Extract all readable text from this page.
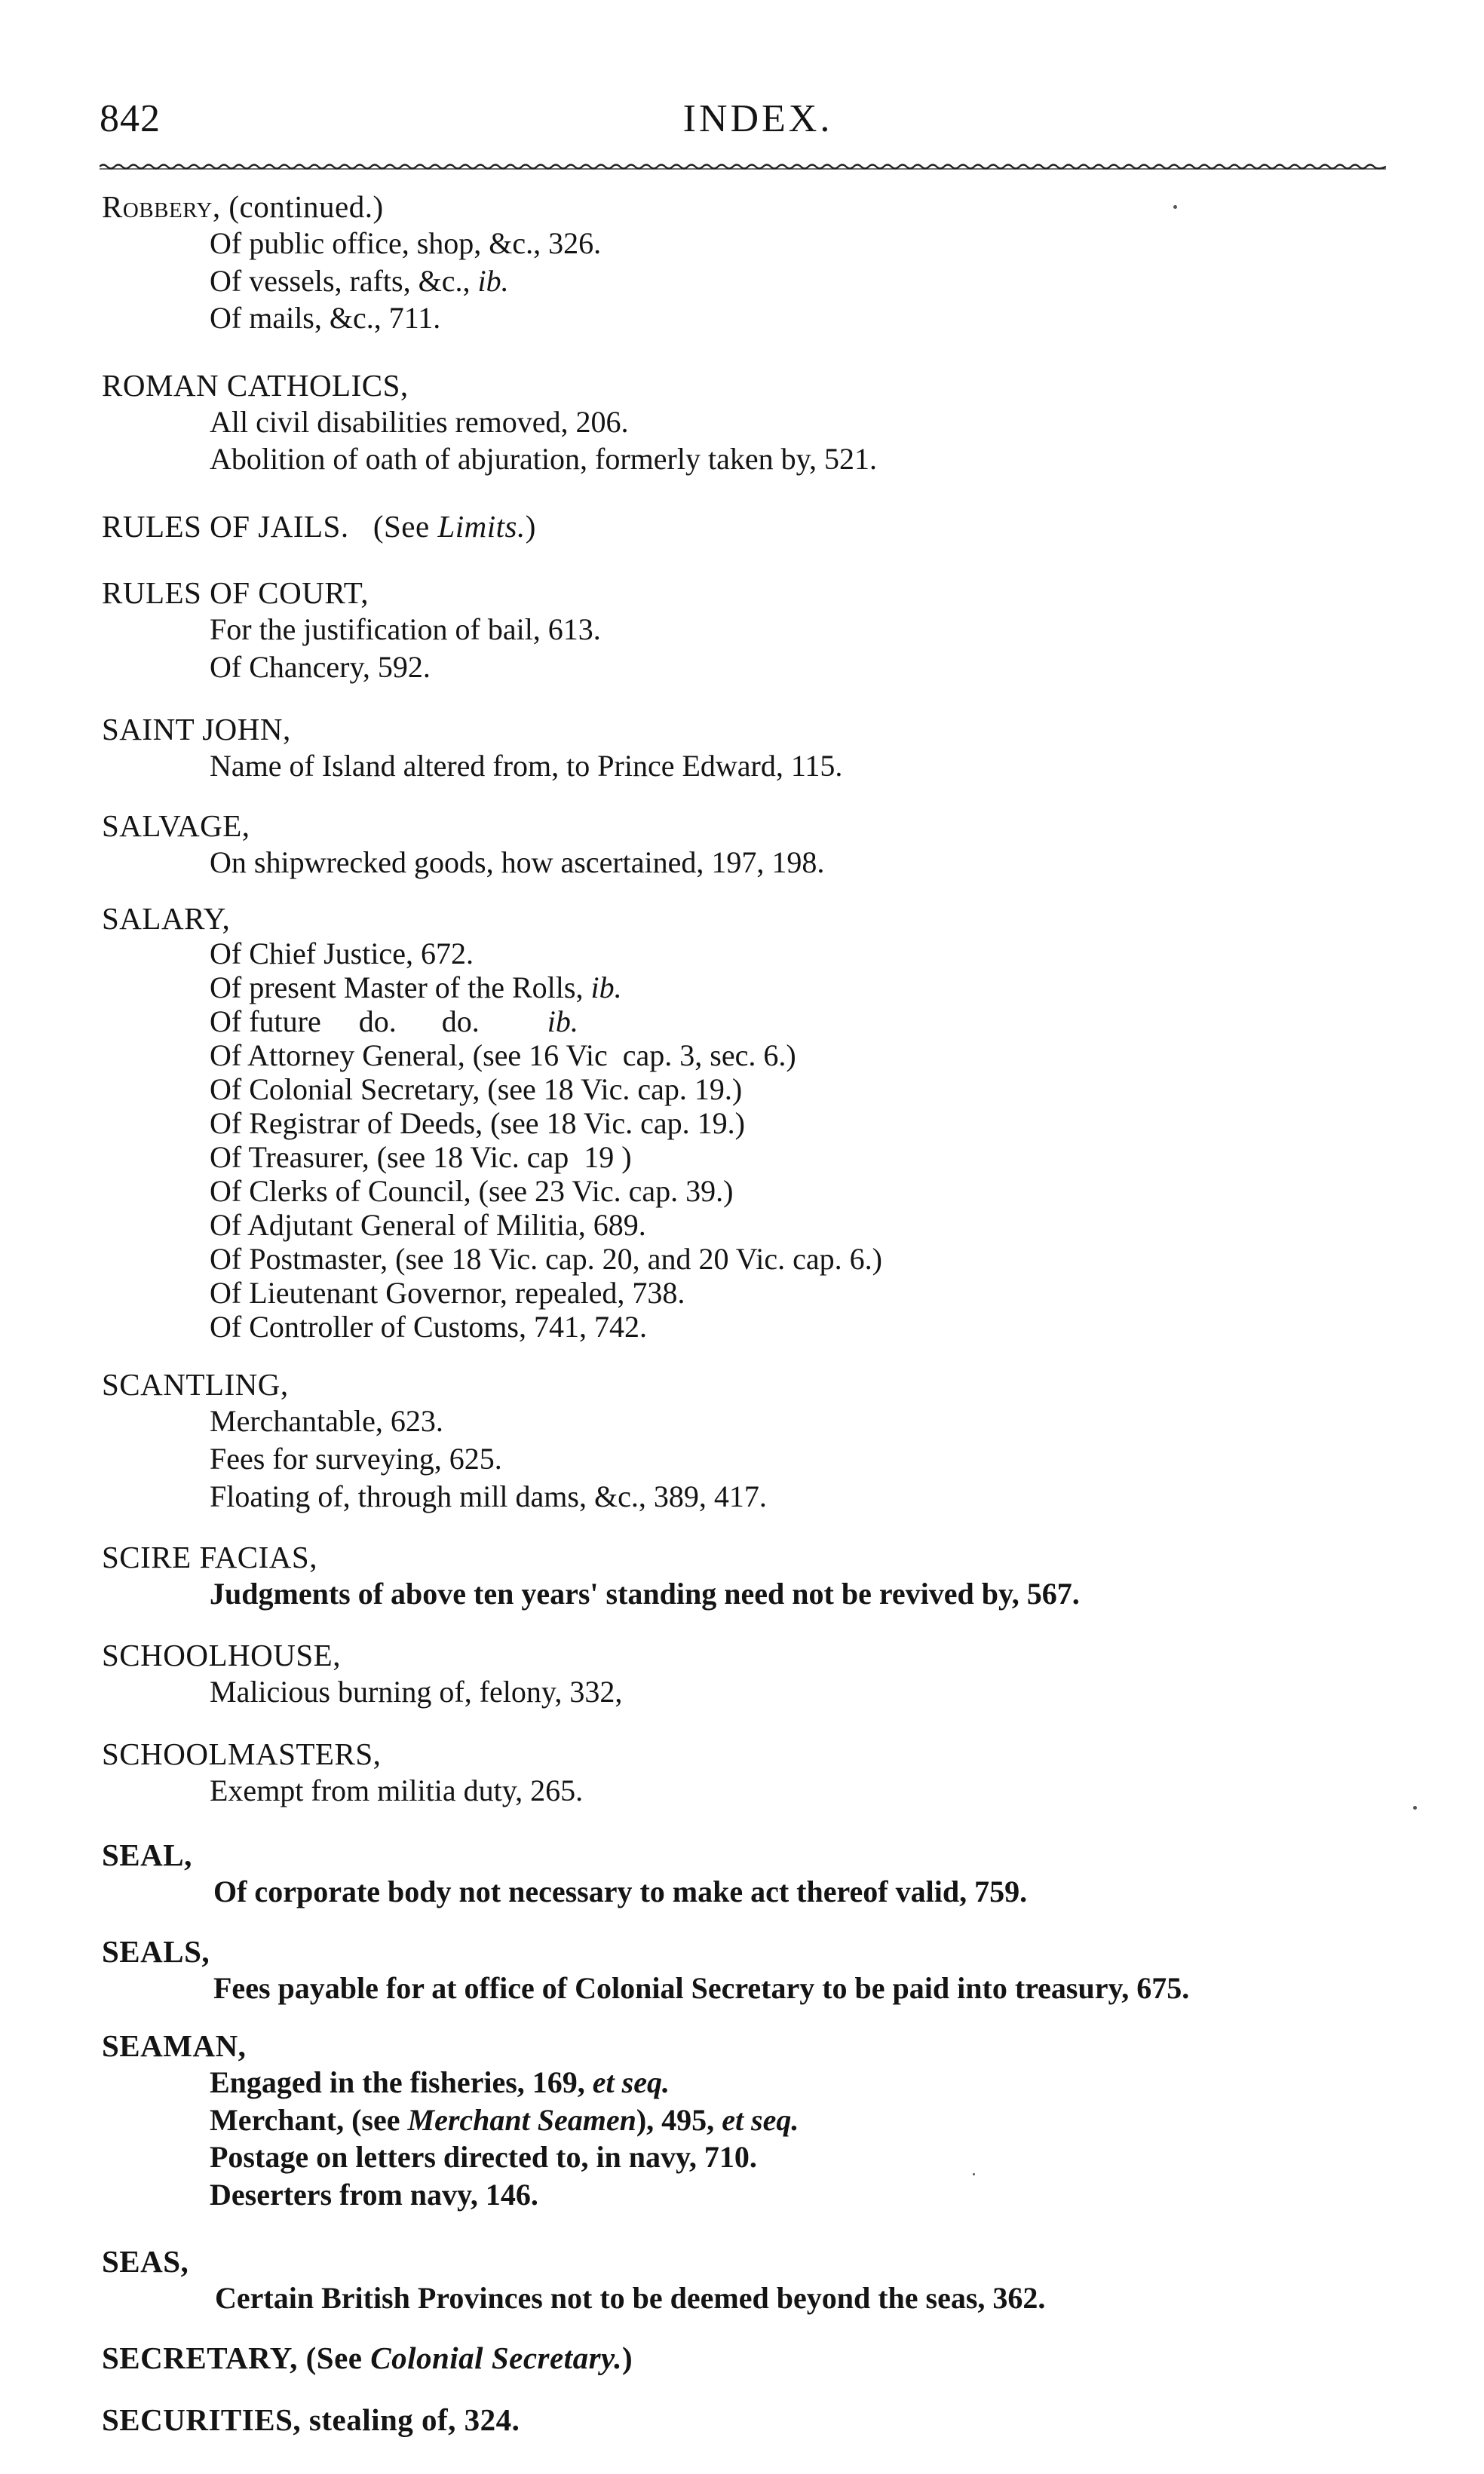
842	INDEX.
Robbery, (continued.)
Of public office, shop, &c., 326.
Of vessels, rafts, &c., ib.
Of mails, &c., 711.
ROMAN CATHOLICS,
All civil disabilities removed, 206.
Abolition of oath of abjuration, formerly taken by, 521.
RULES OF JAILS.   (See Limits.)
RULES OF COURT,
For the justification of bail, 613.
Of Chancery, 592.
SAINT JOHN,
Name of Island altered from, to Prince Edward, 115.
SALVAGE,
On shipwrecked goods, how ascertained, 197, 198.
SALARY,
Of Chief Justice, 672.
Of present Master of the Rolls, ib.
Of future     do.      do.         ib.
Of Attorney General, (see 16 Vic  cap. 3, sec. 6.)
Of Colonial Secretary, (see 18 Vic. cap. 19.)
Of Registrar of Deeds, (see 18 Vic. cap. 19.)
Of Treasurer, (see 18 Vic. cap  19 )
Of Clerks of Council, (see 23 Vic. cap. 39.)
Of Adjutant General of Militia, 689.
Of Postmaster, (see 18 Vic. cap. 20, and 20 Vic. cap. 6.)
Of Lieutenant Governor, repealed, 738.
Of Controller of Customs, 741, 742.
SCANTLING,
Merchantable, 623.
Fees for surveying, 625.
Floating of, through mill dams, &c., 389, 417.
SCIRE FACIAS,
Judgments of above ten years' standing need not be revived by, 567.
SCHOOLHOUSE,
Malicious burning of, felony, 332,
SCHOOLMASTERS,
Exempt from militia duty, 265.
SEAL,
Of corporate body not necessary to make act thereof valid, 759.
SEALS,
Fees payable for at office of Colonial Secretary to be paid into treasury, 675.
SEAMAN,
Engaged in the fisheries, 169, et seq.
Merchant, (see Merchant Seamen), 495, et seq.
Postage on letters directed to, in navy, 710.
Deserters from navy, 146.
SEAS,
Certain British Provinces not to be deemed beyond the seas, 362.
SECRETARY, (See Colonial Secretary.)
SECURITIES, stealing of, 324.
